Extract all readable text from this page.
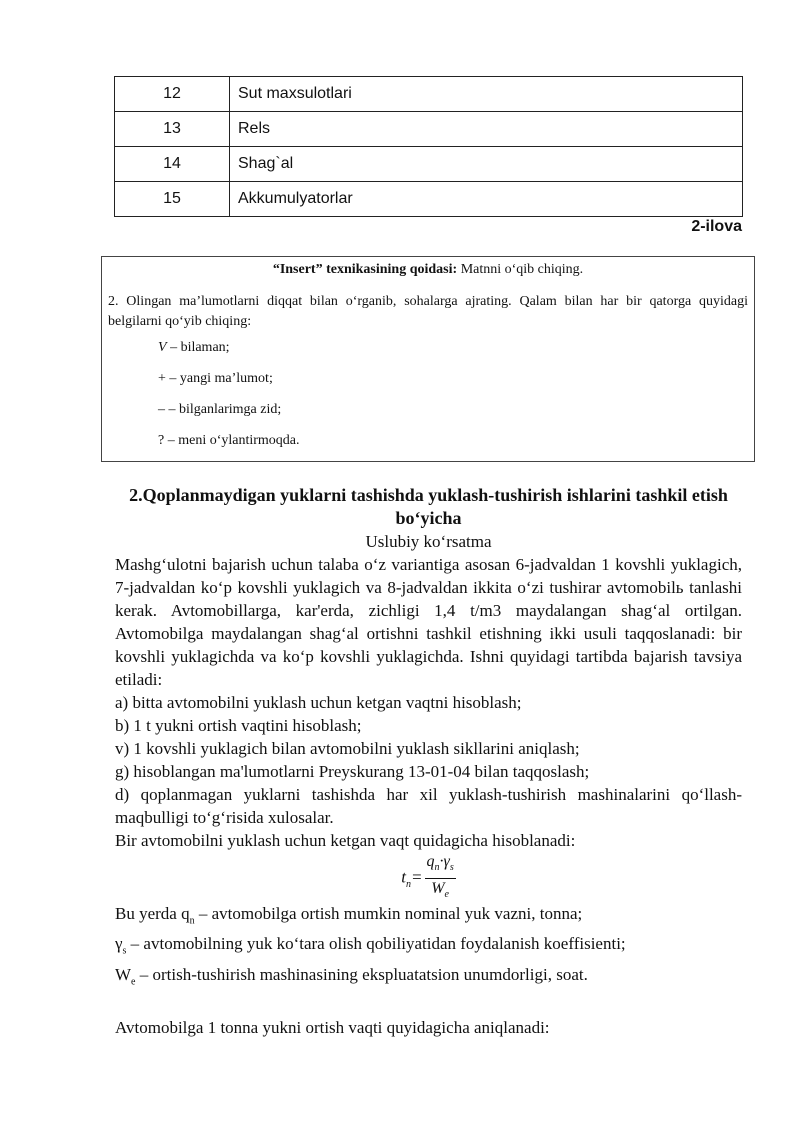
12	Sut maxsulotlari
13	Rels
14	Shag`al
15	Akkumulyatorlar
2-ilova
“Insert” texnikasining qoidasi: Matnni oʻqib chiqing.
2. Olingan ma’lumotlarni diqqat bilan oʻrganib, sohalarga ajrating. Qalam bilan har bir qatorga quyidagi belgilarni qoʻyib chiqing:
V – bilaman;
+ – yangi ma’lumot;
– – bilganlarimga zid;
? – meni oʻylantirmoqda.
2.Qoplanmaydigan yuklarni tashishda yuklash-tushirish ishlarini tashkil etish boʻyicha
Uslubiy koʻrsatma
Mashgʻulotni bajarish uchun talaba oʻz variantiga asosan 6-jadvaldan 1 kovshli yuklagich, 7-jadvaldan koʻp kovshli yuklagich va 8-jadvaldan ikkita oʻzi tushirar avtomobilь tanlashi kerak. Avtomobillarga, kar'erda, zichligi 1,4 t/m3 maydalangan shagʻal ortilgan. Avtomobilga maydalangan shagʻal ortishni tashkil etishning ikki usuli taqqoslanadi: bir kovshli yuklagichda va koʻp kovshli yuklagichda. Ishni quyidagi tartibda bajarish tavsiya etiladi:
a) bitta avtomobilni yuklash uchun ketgan vaqtni hisoblash;
b) 1 t yukni ortish vaqtini hisoblash;
v) 1 kovshli yuklagich bilan avtomobilni yuklash sikllarini aniqlash;
g) hisoblangan ma'lumotlarni Preyskurang 13-01-04 bilan taqqoslash;
d) qoplanmagan yuklarni tashishda har xil yuklash-tushirish mashinalarini qoʻllash-maqbulligi toʻgʻrisida xulosalar.
Bir avtomobilni yuklash uchun ketgan vaqt quidagicha hisoblanadi:
$t_n= \frac{q_n\cdot\gamma_s}{W_e}$
Bu yerda $q_n$ – avtomobilga ortish mumkin nominal yuk vazni, tonna;
$\gamma_s$ – avtomobilning yuk koʻtara olish qobiliyatidan foydalanish koeffisienti;
$W_e$ – ortish-tushirish mashinasining ekspluatatsion unumdorligi, soat.
Avtomobilga 1 tonna yukni ortish vaqti quyidagicha aniqlanadi:
